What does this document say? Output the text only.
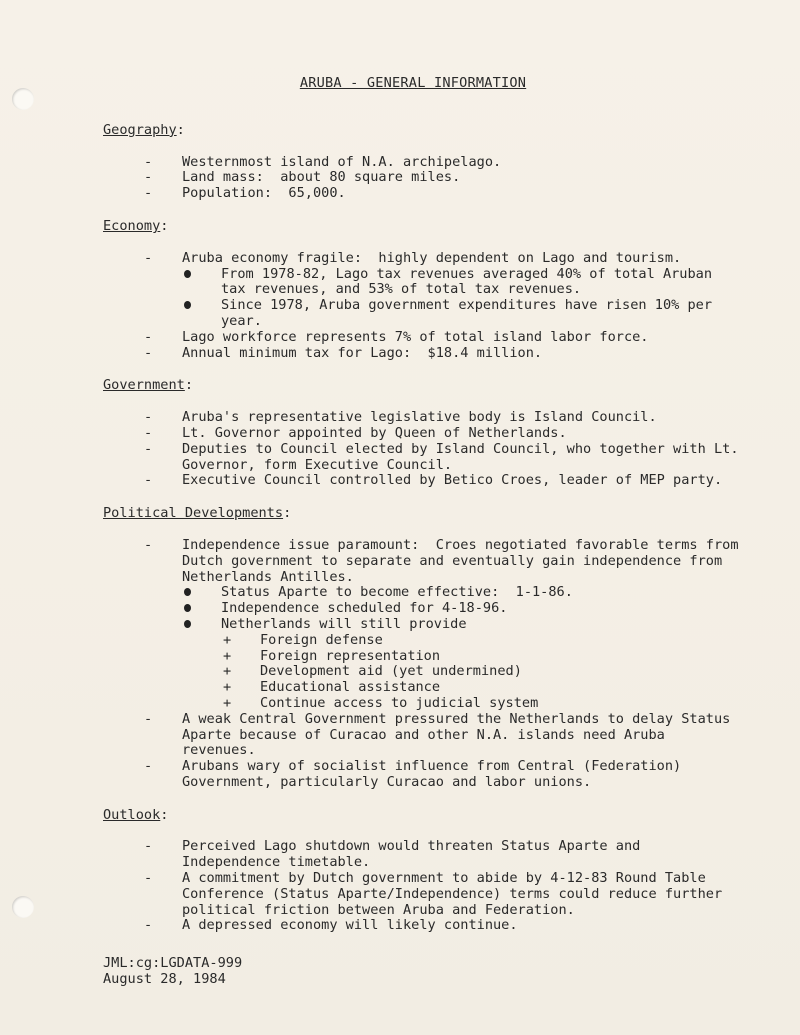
ARUBA - GENERAL INFORMATION
Geography:
-	Westernmost island of N.A. archipelago.
-	Land mass:  about 80 square miles.
-	Population:  65,000.
Economy:
-	Aruba economy fragile:  highly dependent on Lago and tourism.
From 1978-82, Lago tax revenues averaged 40% of total Aruban
tax revenues, and 53% of total tax revenues.
Since 1978, Aruba government expenditures have risen 10% per
year.
-	Lago workforce represents 7% of total island labor force.
-	Annual minimum tax for Lago:  $18.4 million.
Government:
-	Aruba's representative legislative body is Island Council.
-	Lt. Governor appointed by Queen of Netherlands.
-	Deputies to Council elected by Island Council, who together with Lt.
Governor, form Executive Council.
-	Executive Council controlled by Betico Croes, leader of MEP party.
Political Developments:
-	Independence issue paramount:  Croes negotiated favorable terms from
Dutch government to separate and eventually gain independence from
Netherlands Antilles.
Status Aparte to become effective:  1-1-86.
Independence scheduled for 4-18-96.
Netherlands will still provide
+	Foreign defense
+	Foreign representation
+	Development aid (yet undermined)
+	Educational assistance
+	Continue access to judicial system
-	A weak Central Government pressured the Netherlands to delay Status
Aparte because of Curacao and other N.A. islands need Aruba
revenues.
-	Arubans wary of socialist influence from Central (Federation)
Government, particularly Curacao and labor unions.
Outlook:
-	Perceived Lago shutdown would threaten Status Aparte and
Independence timetable.
-	A commitment by Dutch government to abide by 4-12-83 Round Table
Conference (Status Aparte/Independence) terms could reduce further
political friction between Aruba and Federation.
-	A depressed economy will likely continue.
JML:cg:LGDATA-999
August 28, 1984
